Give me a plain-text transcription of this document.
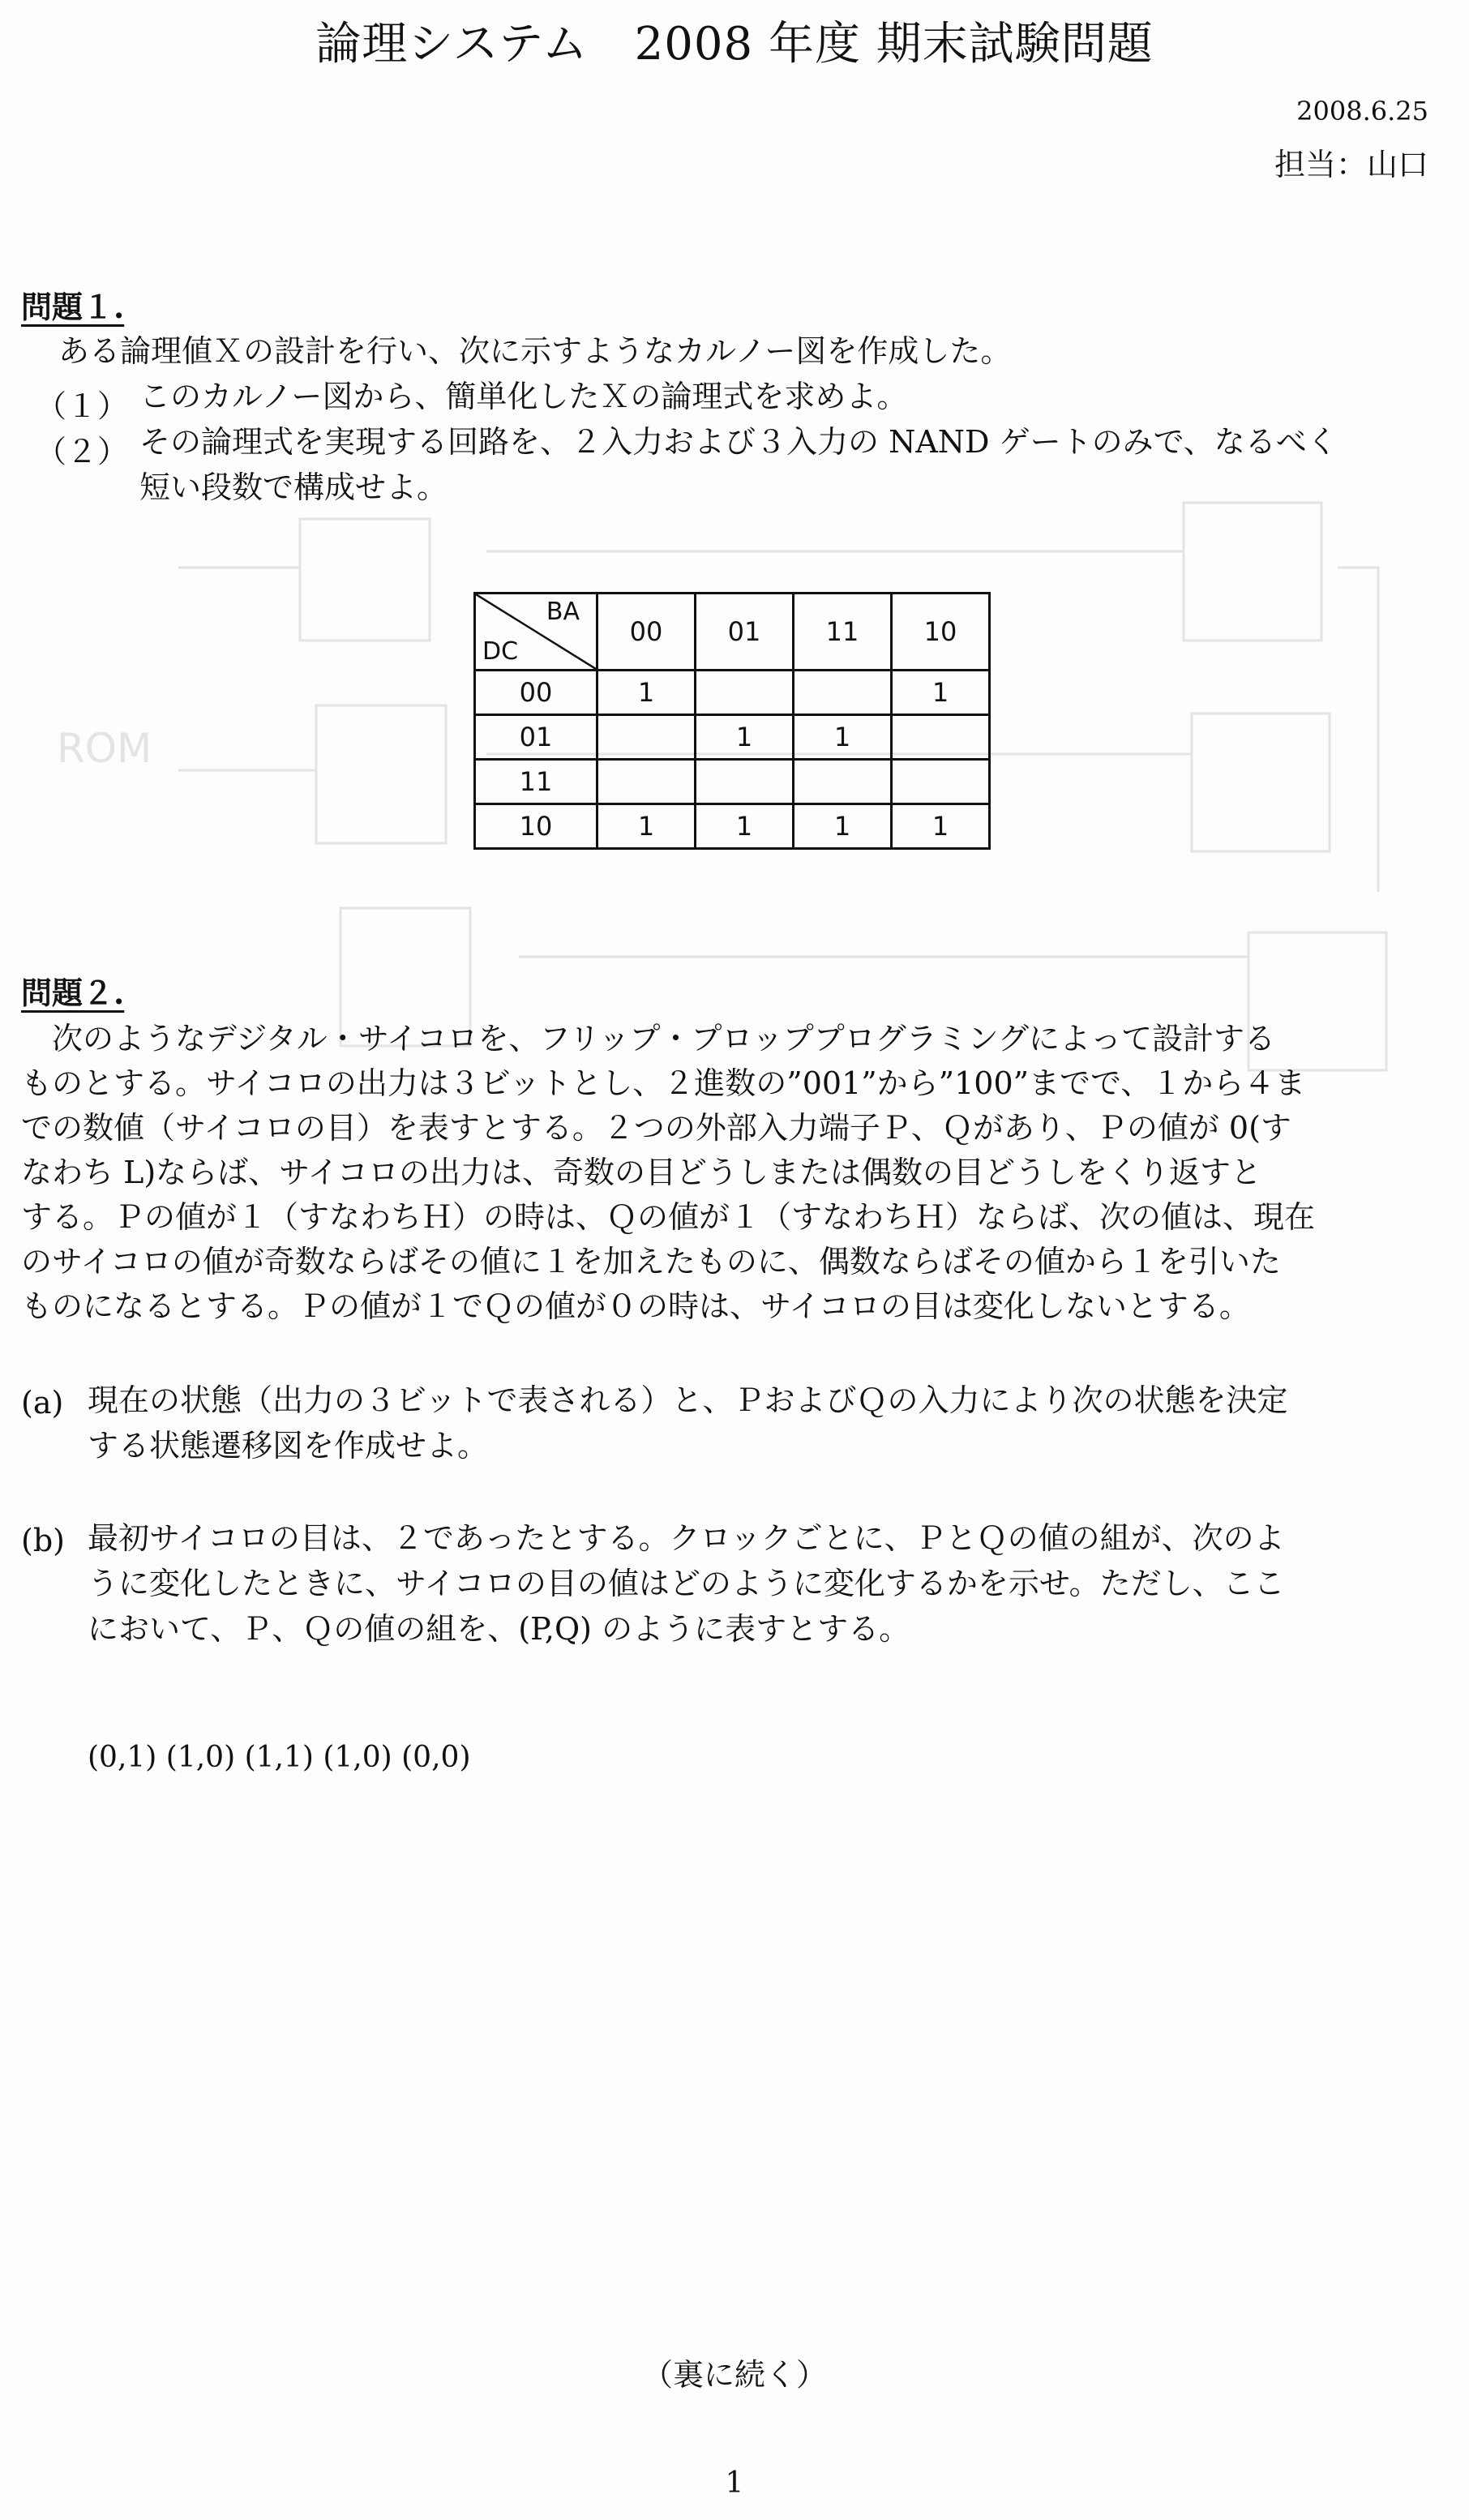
ROM
論理システム　2008 年度 期末試験問題
2008.6.25
担当：山口
問題１.
ある論理値Ｘの設計を行い、次に示すようなカルノー図を作成した。
（１） このカルノー図から、簡単化したＸの論理式を求めよ。
（２） その論理式を実現する回路を、２入力および３入力の NAND ゲートのみで、なるべく
短い段数で構成せよ。
BA
DC	00	01	11	10
00	1			1
01		1	1	
11				
10	1	1	1	1
問題２.
　次のようなデジタル・サイコロを、フリップ・プロッププログラミングによって設計する
ものとする。サイコロの出力は３ビットとし、２進数の”001”から”100”までで、１から４ま
での数値（サイコロの目）を表すとする。２つの外部入力端子Ｐ、Ｑがあり、Ｐの値が 0(す
なわち L)ならば、サイコロの出力は、奇数の目どうしまたは偶数の目どうしをくり返すと
する。Ｐの値が１（すなわちＨ）の時は、Ｑの値が１（すなわちＨ）ならば、次の値は、現在
のサイコロの値が奇数ならばその値に１を加えたものに、偶数ならばその値から１を引いた
ものになるとする。Ｐの値が１でＱの値が０の時は、サイコロの目は変化しないとする。
(a) 現在の状態（出力の３ビットで表される）と、ＰおよびＱの入力により次の状態を決定
する状態遷移図を作成せよ。
(b) 最初サイコロの目は、２であったとする。クロックごとに、ＰとＱの値の組が、次のよ
うに変化したときに、サイコロの目の値はどのように変化するかを示せ。ただし、ここ
において、Ｐ、Ｑの値の組を、(P,Q) のように表すとする。
(0,1) (1,0) (1,1) (1,0) (0,0)
（裏に続く）
1
